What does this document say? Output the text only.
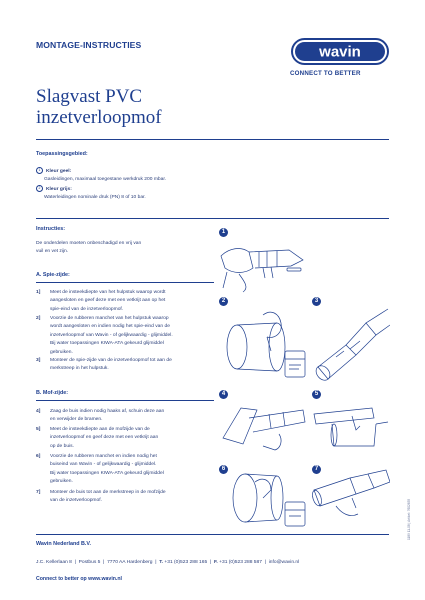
MONTAGE-INSTRUCTIES	wavin
CONNECT TO BETTER
Slagvast PVC
inzetverloopmof
Toepassingsgebied:
1 Kleur geel:
Gasleidingen, maximaal toegestane werkdruk 200 mbar.
2 Kleur grijs:
Waterleidingen nominale druk (PN) 8 of 10 bar.
Instructies:
De onderdelen moeten onbeschadigd en vrij van
vuil en vet zijn.
A. Spie-zijde:
1] Meet de insteekdiepte van het hulpstuk waarop wordt
aangesloten en geef deze met een vetkrijt aan op het
spie-eind van de inzetverloopmof.
2] Voorzie de rubberen manchet van het hulpstuk waarop
wordt aangesloten en indien nodig het spie-eind van de
inzetverloopmof van Wavin - of gelijkwaardig - glijmiddel.
Bij water toepassingen KIWA-ATA gekeurd glijmiddel
gebruiken.
3] Monteer de spie-zijde van de inzetverloopmof tot aan de
merkstreep in het hulpstuk.
B. Mof-zijde:
4] Zaag de buis indien nodig haaks af, schuin deze aan
en verwijder de bramen.
5] Meet de insteekdiepte aan de mofzijde van de
inzetverloopmof en geef deze met een vetkrijt aan
op de buis.
6] Voorzie de rubberen manchet en indien nodig het
buiseind van Wavin - of gelijkwaardig - glijmiddel.
Bij water toepassingen KIWA-ATA gekeurd glijmiddel
gebruiken.
7] Monteer de buis tot aan de merkstreep in de mofzijde
van de inzetverloopmof.
1
2	3
4	5
6	7
Wavin Nederland B.V.
J.C. Kellerlaan 8  |  Postbus 5  |  7770 AA Hardenberg  |  T. +31 (0)523 288 165  |  F. +31 (0)523 288 587  |  info@wavin.nl
Connect to better op www.wavin.nl
1189 11-08 | Artikel: 7602655
